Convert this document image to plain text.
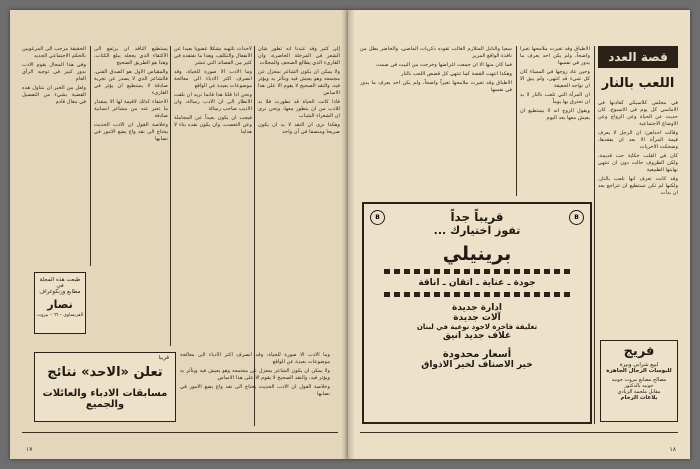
إلى كثير وقد عندنا انه تطور شأن الشعر في المرحلة الحاضرة، وان القارىء الذي يطالع الصحف والمجلات

ولا يمكن ان يكون الشاعر بمعزل عن مجتمعه وهو يعيش فيه ويتأثر به ويؤثر فيه، والنقد الصحيح لا يقوم الا على هذا الاساس

فاذا كانت الحياة قد تطورت فلا بد للادب من ان يتطور معها، ونحن نرى ان الشعراء الشباب

وهكذا نرى ان النقد لا بد ان يكون صريحا ومنصفا في آن واحد

لاحداث تلتهبه بشكلا عضوياً بعيدا عن الانفعال والتكلف، وهذا ما نفتقده في كثير من القصائد التي تنشر

وما الادب الا صورة للحياة، وقد انصرف اكثر الادباء الى معالجة موضوعات بعيدة عن الواقع

ونحن اذا قلنا هذا فانما نريد ان نلفت الانظار الى ان الادب رسالة، وان الاديب صاحب رسالة

فيجب ان يكون بعيداً عن المجاملة وعن التعصب، وان يكون نقده بناء لا هداما

يستطيع الناقد ان يرتفع الى الاكتفاء الذي يجعله يبلغ الكتاب، وهذا هو الطريق الصحيح

والمقياس الاول هو الصدق الفني، فالشاعر الذي لا يصدر عن تجربة صادقة لا يستطيع ان يؤثر في القارىء

الاحتفاء كذلك لاقيمة لها الا بمقدار ما تعبر عنه من مشاعر انسانية صادقة

وخلاصة القول ان الادب الحديث يحتاج الى نقد واع يضع الامور في نصابها

الحقيقة مرحب الى المرغوبين بالحكم الاجتماعي الجديد

وفي هذا المجال يقوم الادب بدور كبير في توجيه الرأي العام

ولعل من الخير ان نتناول هذه القضية بشيء من التفصيل في مقال قادم

طبعت هذه المجلة
في
مطابع وزنكوغراف
نصار
الفرنساوي – ٦٦ – بيروت
قريبا
تعلن «الاحد» نتائج
مسابقات الادباء والعائلات والجميع

وما الادب الا صورة للحياة، وقد انصرف اكثر الادباء الى معالجة موضوعات بعيدة عن الواقع

ولا يمكن ان يكون الشاعر بمعزل عن مجتمعه وهو يعيش فيه ويتأثر به ويؤثر فيه، والنقد الصحيح لا يقوم الا على هذا الاساس

وخلاصة القول ان الادب الحديث يحتاج الى نقد واع يضع الامور في نصابها

١٧
قصة العدد
اللعب بالنار

في مجلس كلاسيكي كعادتها في الاماسي كل يوم في الاسبوع، كان حديث عن الحياة وعن الزواج وعن الاوضاع الاجتماعية

وقالت احداهن: ان الرجل لا يعرف قيمة المرأة الا بعد ان يفقدها، وضحكت الاخريات

كان في القلب حكاية حب قديمة، ولكن الظروف حالت دون ان تنتهي نهايتها الطبيعية

وقد كانت تعرف انها تلعب بالنار، ولكنها لم تكن تستطيع ان تتراجع بعد ان بدأت

الاطباق وقد تغيرت ملامحها تغيراً واضحاً، ولم يكن احد يعرف ما يدور في نفسها

وحين عاد زوجها في المساء كان كل شيء قد انتهى، ولم يبق الا ان تواجه الحقيقة

ان المرأة التي تلعب بالنار لا بد ان تحترق بها يوماً

ويقول الزوج انه لا يستطيع ان يعيش معها بعد اليوم

سعياً والنابل المتلازم الغالب تقوده ذكريات الماضي، والحاضر يطل من نافذة الواقع المرير

فما كان منها الا ان جمعت اغراضها وخرجت من البيت في صمت

وهكذا انتهت القصة كما تنتهي كل قصص اللعب بالنار

الاطباق وقد تغيرت ملامحها تغيراً واضحاً، ولم يكن احد يعرف ما يدور في نفسها

B	B
قريباً جداً
تفوز اختيارك ...
برينيلي
جودة ـ عناية ـ اتقان ـ اناقة
ادارة جديدة
آلات جديدة
تغليفة فاخرة لاجود نوعية في لبنان
غلاف جديد انيق
أسعار محدودة
خير الاصناف لخير الاذواق
فريج
لبيع شرابي وبيرة
للبوسات الرجال الجاهزة
مصالح مصانع بيروت جونيه
جونيه بالدكتور
مقابل ملحمة الزبادي
بلاعات الرخام
١٨
